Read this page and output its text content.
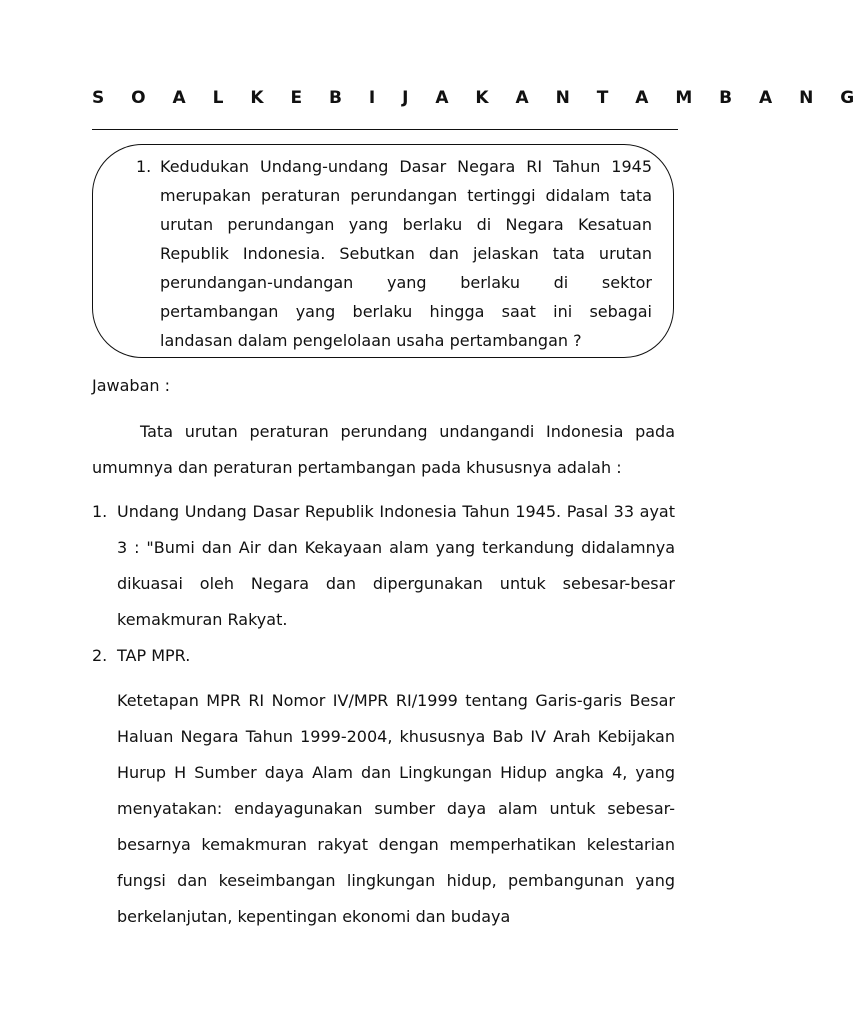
S O A L K E B I J A K A N T A M B A N G
1. Kedudukan Undang-undang Dasar Negara RI Tahun 1945 merupakan peraturan perundangan tertinggi didalam tata urutan perundangan yang berlaku di Negara Kesatuan Republik Indonesia. Sebutkan dan jelaskan tata urutan perundangan-undangan yang berlaku di sektor pertambangan yang berlaku hingga saat ini sebagai landasan dalam pengelolaan usaha pertambangan ?
Jawaban :
Tata urutan peraturan perundang undangandi Indonesia pada umumnya dan peraturan pertambangan pada khususnya adalah :
1. Undang Undang Dasar Republik Indonesia Tahun 1945. Pasal 33 ayat 3 : "Bumi dan Air dan Kekayaan alam yang terkandung didalamnya dikuasai oleh Negara dan dipergunakan untuk sebesar-besar kemakmuran Rakyat.
2. TAP MPR.
Ketetapan MPR RI Nomor IV/MPR RI/1999 tentang Garis-garis Besar Haluan Negara Tahun 1999-2004, khususnya Bab IV Arah Kebijakan Hurup H Sumber daya Alam dan Lingkungan Hidup angka 4, yang menyatakan: endayagunakan sumber daya alam untuk sebesar-besarnya kemakmuran rakyat dengan memperhatikan kelestarian fungsi dan keseimbangan lingkungan hidup, pembangunan yang berkelanjutan, kepentingan ekonomi dan budaya
